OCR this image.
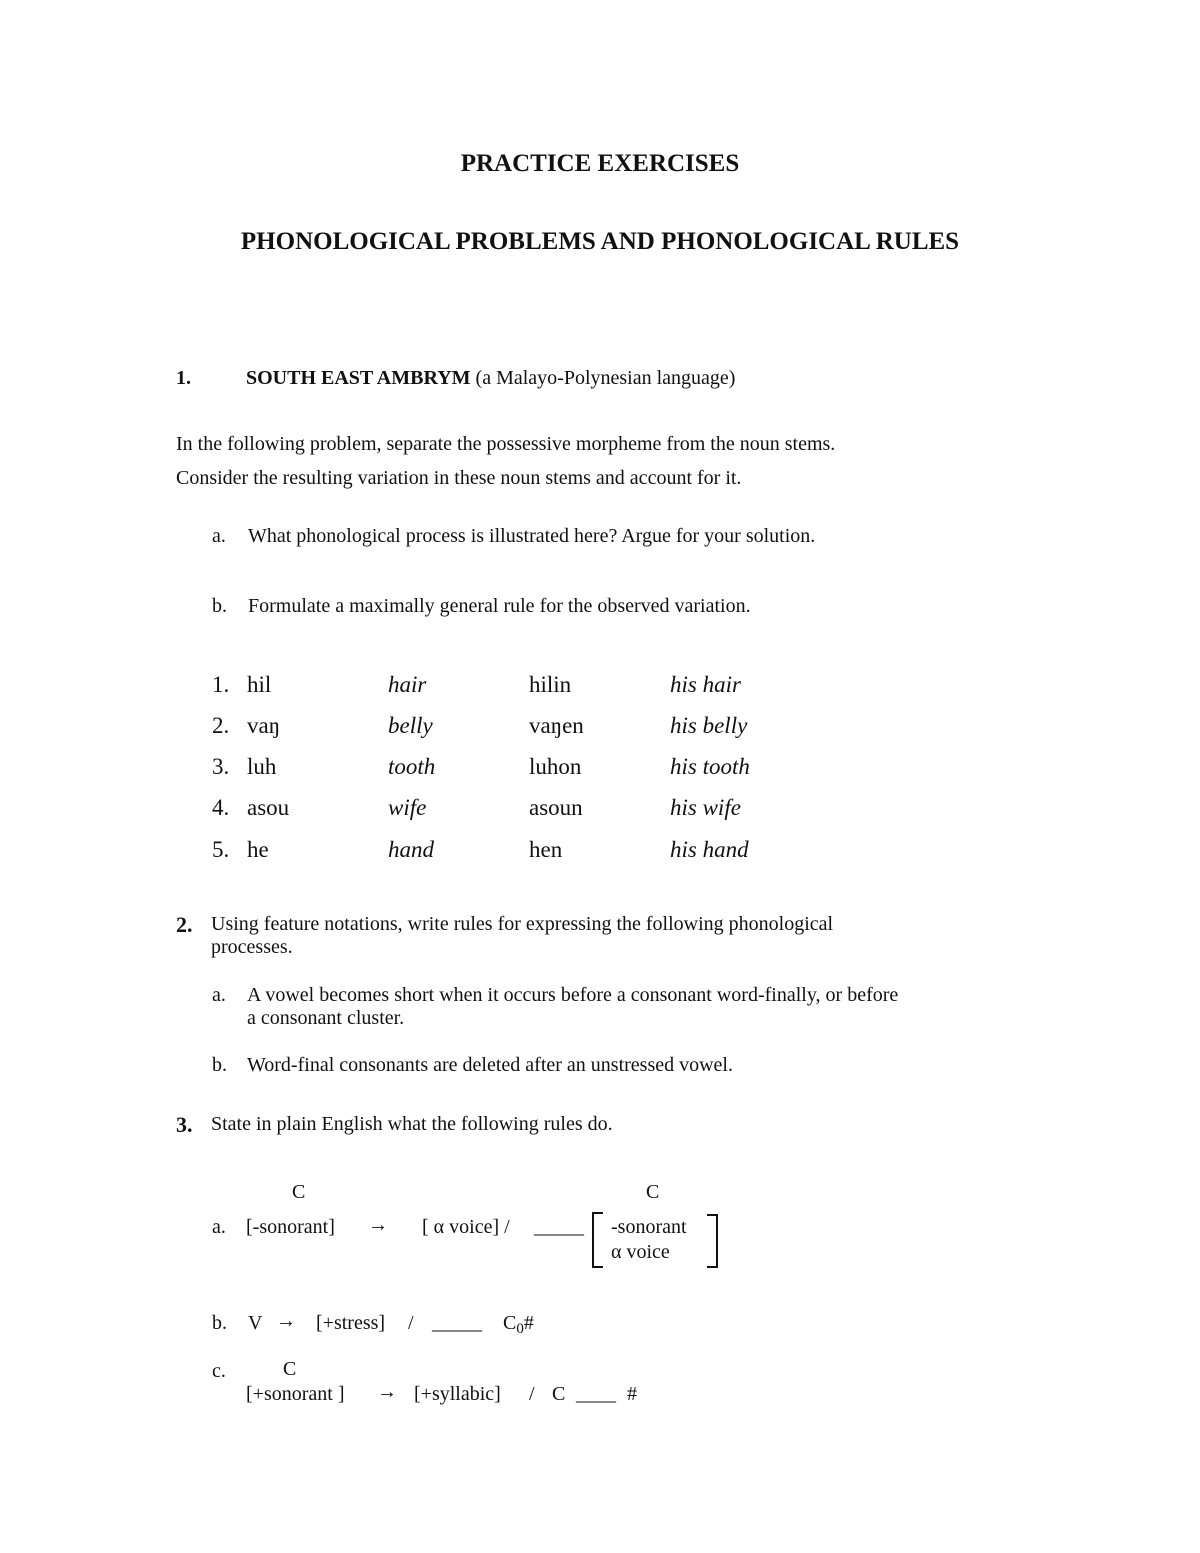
PRACTICE EXERCISES
PHONOLOGICAL PROBLEMS AND PHONOLOGICAL RULES
1.	SOUTH EAST AMBRYM (a Malayo-Polynesian language)
In the following problem, separate the possessive morpheme from the noun stems.
Consider the resulting variation in these noun stems and account for it.
a. What phonological process is illustrated here? Argue for your solution.
b. Formulate a maximally general rule for the observed variation.
1. hil	hair	hilin	his hair
2. vaŋ	belly	vaŋen	his belly
3. luh	tooth	luhon	his tooth
4. asou	wife	asoun	his wife
5. he	hand	hen	his hand
2. Using feature notations, write rules for expressing the following phonological
processes.
a. A vowel becomes short when it occurs before a consonant word-finally, or before
a consonant cluster.
b. Word-final consonants are deleted after an unstressed vowel.
3. State in plain English what the following rules do.
C	C
a. [-sonorant] → [ α voice] / _____ -sonorant
α voice
b. V → [+stress] / _____ $C_0\#$
c.	C
[+sonorant ] → [+syllabic] / C ____ #
